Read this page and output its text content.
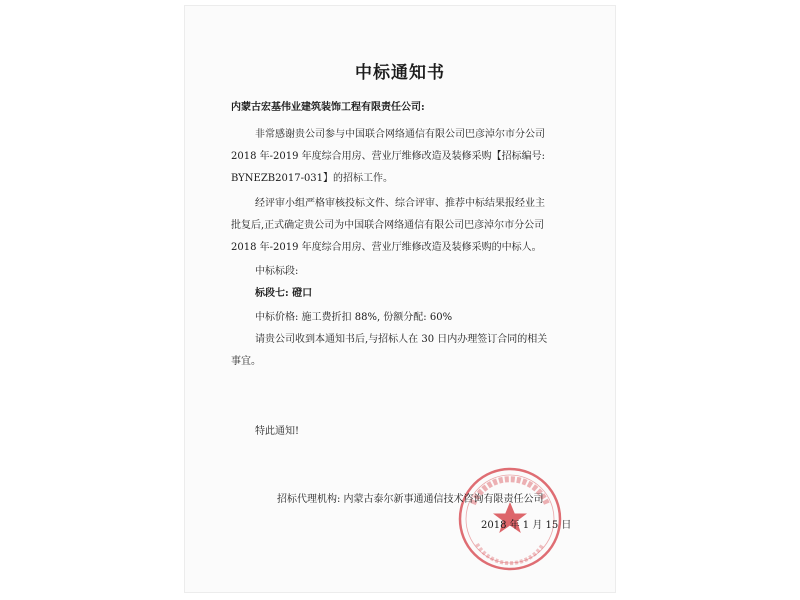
中标通知书
内蒙古宏基伟业建筑装饰工程有限责任公司:
非常感谢贵公司参与中国联合网络通信有限公司巴彦淖尔市分公司
2018 年-2019 年度综合用房、营业厅维修改造及装修采购【招标编号:
BYNEZB2017-031】的招标工作。
经评审小组严格审核投标文件、综合评审、推荐中标结果报经业主
批复后,正式确定贵公司为中国联合网络通信有限公司巴彦淖尔市分公司
2018 年-2019 年度综合用房、营业厅维修改造及装修采购的中标人。
中标标段:
标段七: 磴口
中标价格: 施工费折扣 88%, 份额分配: 60%
请贵公司收到本通知书后,与招标人在 30 日内办理签订合同的相关
事宜。
特此通知!
招标代理机构: 内蒙古泰尔新事通通信技术咨询有限责任公司
2018 年 1 月 15 日
